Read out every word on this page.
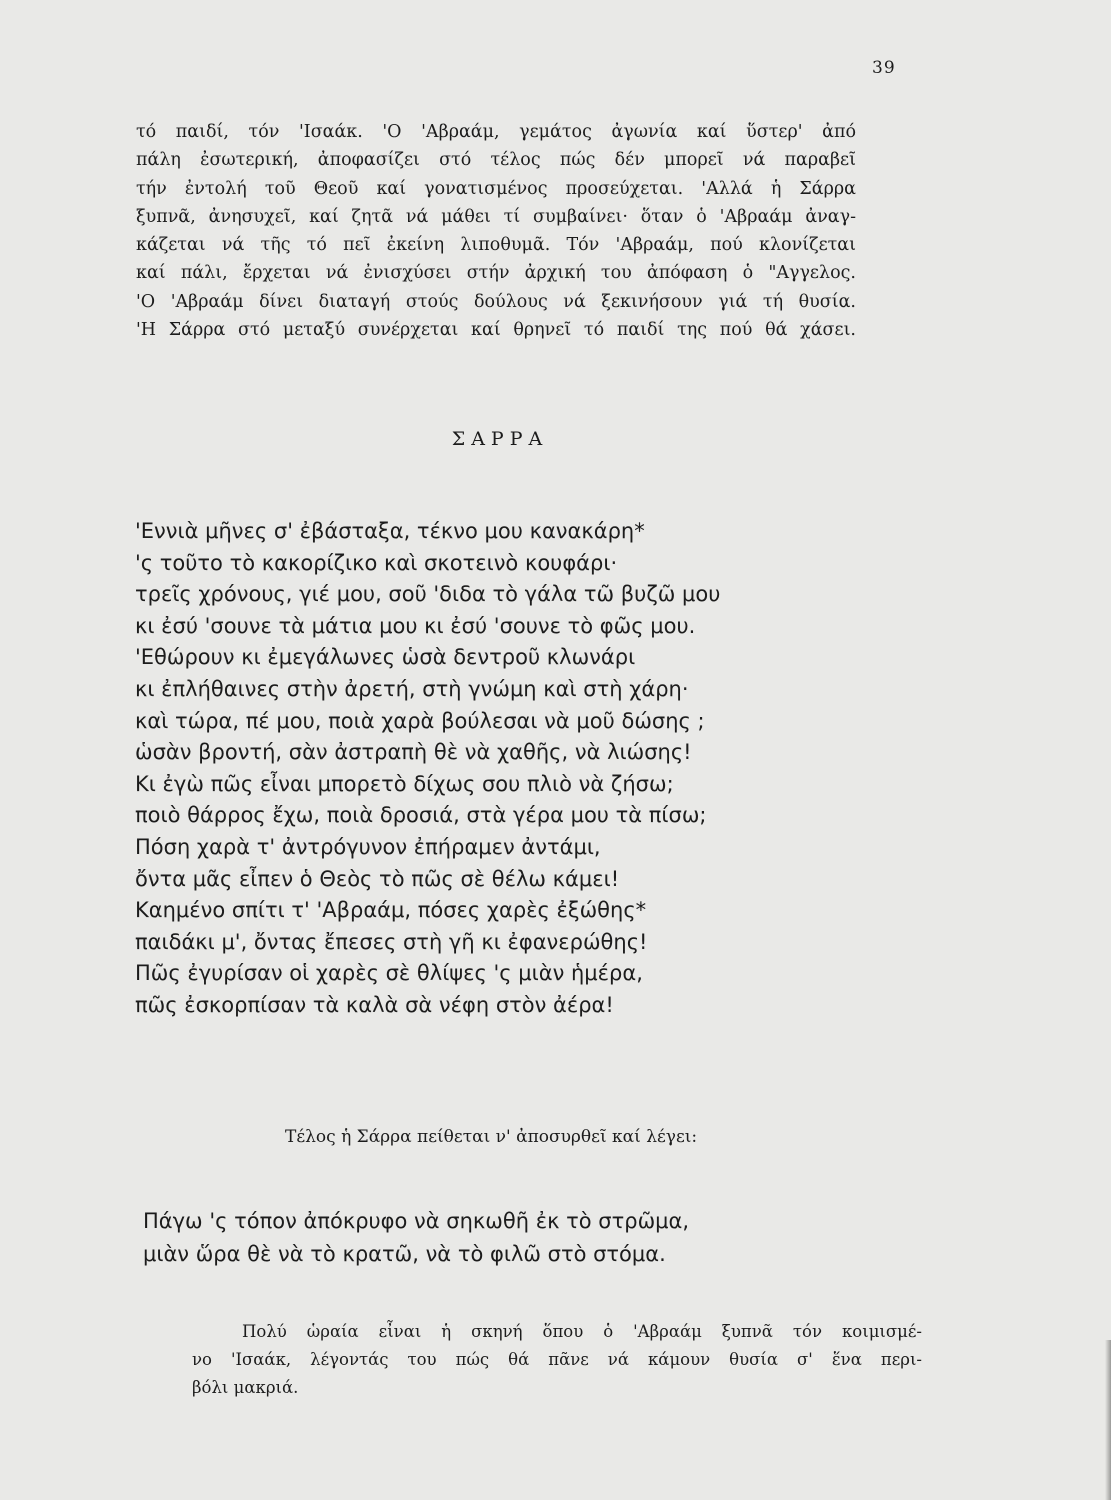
39
τό παιδί, τόν 'Ισαάκ. 'Ο 'Αβραάμ, γεμάτος ἀγωνία καί ὕστερ' ἀπό
πάλη ἐσωτερική, ἀποφασίζει στό τέλος πώς δέν μπορεῖ νά παραβεῖ
τήν ἐντολή τοῦ Θεοῦ καί γονατισμένος προσεύχεται. 'Αλλά ἡ Σάρρα
ξυπνᾶ, ἀνησυχεῖ, καί ζητᾶ νά μάθει τί συμβαίνει· ὅταν ὁ 'Αβραάμ ἀναγ-
κάζεται νά τῆς τό πεῖ ἐκείνη λιποθυμᾶ. Τόν 'Αβραάμ, πού κλονίζεται
καί πάλι, ἔρχεται νά ἐνισχύσει στήν ἀρχική του ἀπόφαση ὁ "Αγγελος.
'Ο 'Αβραάμ δίνει διαταγή στούς δούλους νά ξεκινήσουν γιά τή θυσία.
'Η Σάρρα στό μεταξύ συνέρχεται καί θρηνεῖ τό παιδί της πού θά χάσει.
ΣΑΡΡΑ
'Εννιὰ μῆνες σ' ἐβάσταξα, τέκνο μου κανακάρη*
'ς τοῦτο τὸ κακορίζικο καὶ σκοτεινὸ κουφάρι·
τρεῖς χρόνους, γιέ μου, σοῦ 'διδα τὸ γάλα τῶ βυζῶ μου
κι ἐσύ 'σουνε τὰ μάτια μου κι ἐσύ 'σουνε τὸ φῶς μου.
'Εθώρουν κι ἐμεγάλωνες ὡσὰ δεντροῦ κλωνάρι
κι ἐπλήθαινες στὴν ἀρετή, στὴ γνώμη καὶ στὴ χάρη·
καὶ τώρα, πέ μου, ποιὰ χαρὰ βούλεσαι νὰ μοῦ δώσης ;
ὡσὰν βροντή, σὰν ἀστραπὴ θὲ νὰ χαθῆς, νὰ λιώσης!
Κι ἐγὼ πῶς εἶναι μπορετὸ δίχως σου πλιὸ νὰ ζήσω;
ποιὸ θάρρος ἔχω, ποιὰ δροσιά, στὰ γέρα μου τὰ πίσω;
Πόση χαρὰ τ' ἀντρόγυνον ἐπήραμεν ἀντάμι,
ὄντα μᾶς εἶπεν ὁ Θεὸς τὸ πῶς σὲ θέλω κάμει!
Καημένο σπίτι τ' 'Αβραάμ, πόσες χαρὲς ἐξώθης*
παιδάκι μ', ὄντας ἔπεσες στὴ γῆ κι ἐφανερώθης!
Πῶς ἐγυρίσαν οἱ χαρὲς σὲ θλίψες 'ς μιὰν ἡμέρα,
πῶς ἐσκορπίσαν τὰ καλὰ σὰ νέφη στὸν ἀέρα!
Τέλος ἡ Σάρρα πείθεται ν' ἀποσυρθεῖ καί λέγει:
Πάγω 'ς τόπον ἀπόκρυφο νὰ σηκωθῆ ἐκ τὸ στρῶμα,
μιὰν ὥρα θὲ νὰ τὸ κρατῶ, νὰ τὸ φιλῶ στὸ στόμα.
Πολύ ὡραία εἶναι ἡ σκηνή ὅπου ὁ 'Αβραάμ ξυπνᾶ τόν κοιμισμέ-
νο 'Ισαάκ, λέγοντάς του πώς θά πᾶνε νά κάμουν θυσία σ' ἕνα περι-
βόλι μακριά.
